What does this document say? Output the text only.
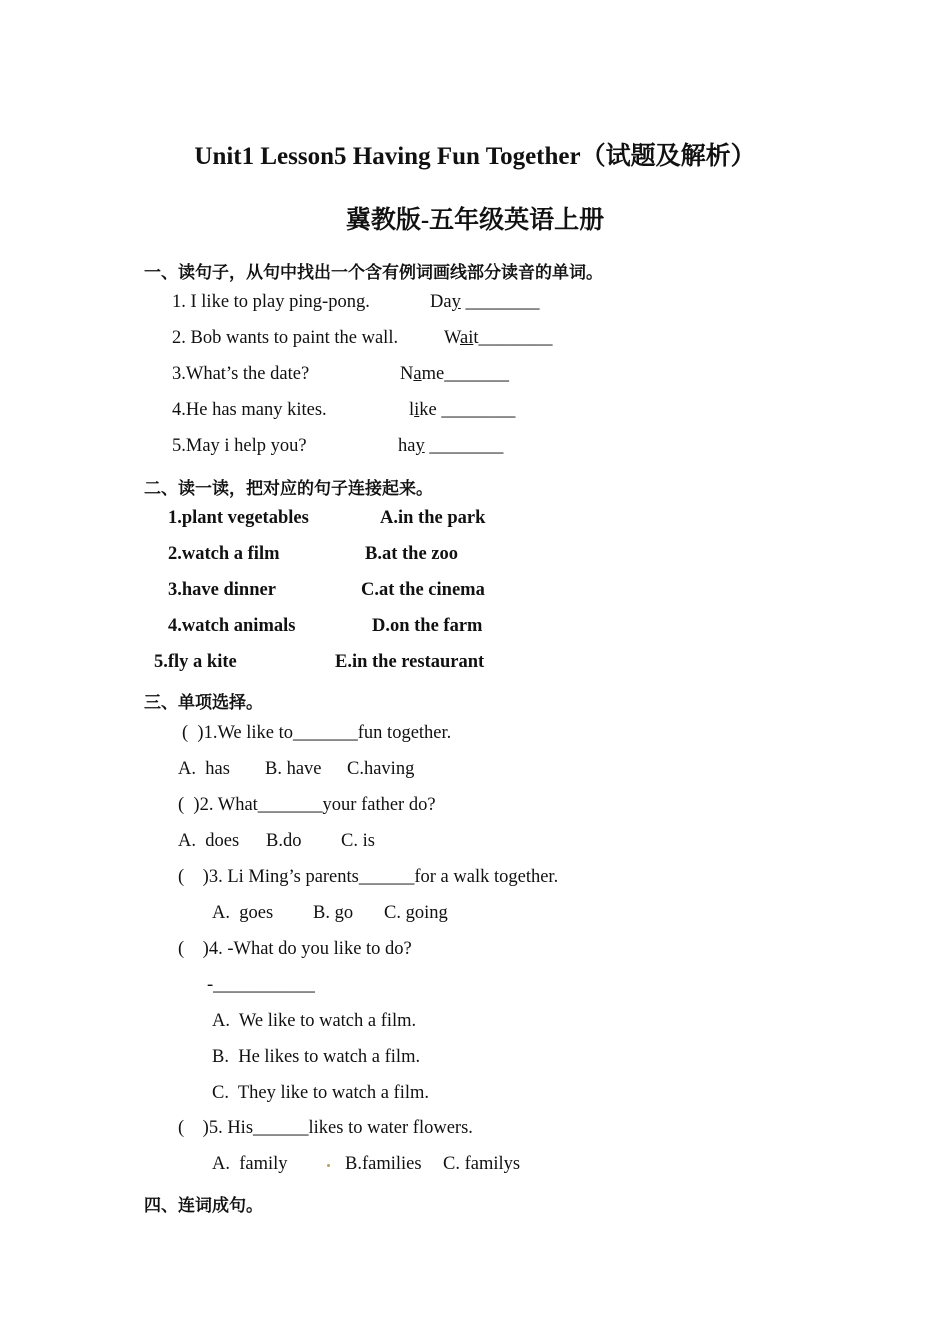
Unit1 Lesson5 Having Fun Together（试题及解析）
冀教版-五年级英语上册
一、读句子，从句中找出一个含有例词画线部分读音的单词。
1. I like to play ping-pong.	Day ________
2. Bob wants to paint the wall. Wait________
3.What’s the date?	Name_______
4.He has many kites.	like ________
5.May i help you?	hay ________
二、读一读，把对应的句子连接起来。
1.plant vegetables	A.in the park
2.watch a film	B.at the zoo
3.have dinner	C.at the cinema
4.watch animals	D.on the farm
5.fly a kite	E.in the restaurant
三、单项选择。
(  )1.We like to_______fun together.
A.  has B. have C.having
(  )2. What_______your father do?
A.  does B.do C. is
(    )3. Li Ming’s parents______for a walk together.
A.  goes B. go C. going
(    )4. -What do you like to do?
-___________
A.  We like to watch a film.
B.  He likes to watch a film.
C.  They like to watch a film.
(    )5. His______likes to water flowers.
A.  family	B.families C. familys
四、连词成句。
